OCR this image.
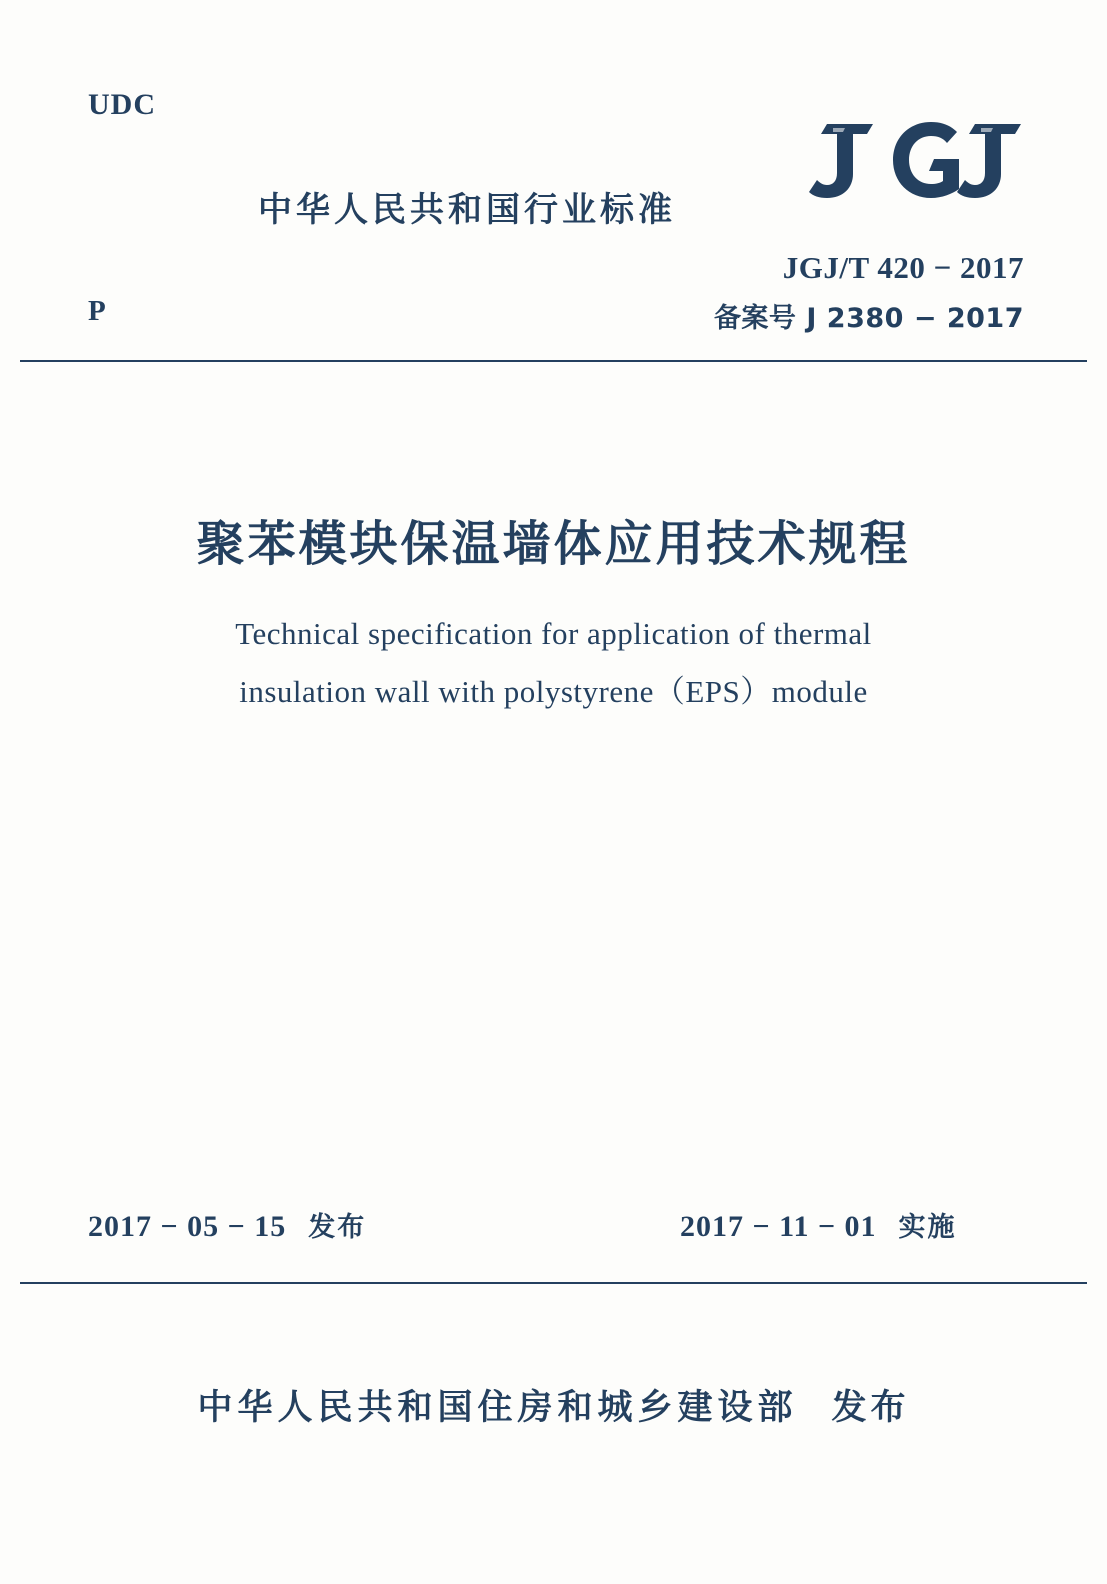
UDC
P
中华人民共和国行业标准
JGJ/T 420 − 2017
备案号 J 2380 − 2017
聚苯模块保温墙体应用技术规程
Technical specification for application of thermal
insulation wall with polystyrene（EPS）module
2017 − 05 − 15 发布	2017 − 11 − 01 实施
中华人民共和国住房和城乡建设部 发布
